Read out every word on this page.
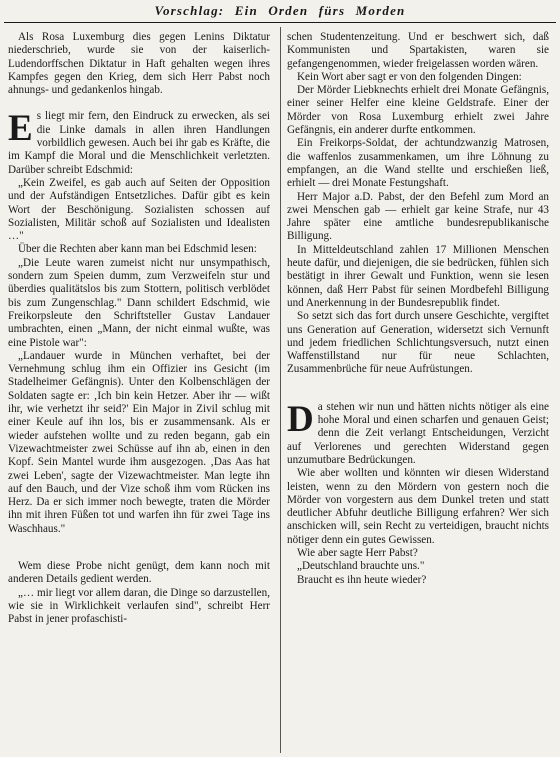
Vorschlag: Ein Orden fürs Morden

Als Rosa Luxemburg dies gegen Lenins Diktatur niederschrieb, wurde sie von der kaiserlich-Ludendorffschen Diktatur in Haft gehalten wegen ihres Kampfes gegen den Krieg, dem sich Herr Pabst noch ahnungs- und gedankenlos hingab.

Es liegt mir fern, den Eindruck zu erwecken, als sei die Linke damals in allen ihren Handlungen vorbildlich gewesen. Auch bei ihr gab es Kräfte, die im Kampf die Moral und die Menschlichkeit verletzten. Darüber schreibt Edschmid:

„Kein Zweifel, es gab auch auf Seiten der Opposition und der Aufständigen Entsetzliches. Dafür gibt es kein Wort der Beschönigung. Sozialisten schossen auf Sozialisten, Militär schoß auf Sozialisten und Idealisten …"

Über die Rechten aber kann man bei Edschmid lesen:

„Die Leute waren zumeist nicht nur unsympathisch, sondern zum Speien dumm, zum Verzweifeln stur und überdies qualitätslos bis zum Stottern, politisch verblödet bis zum Zungenschlag." Dann schildert Edschmid, wie Freikorpsleute den Schriftsteller Gustav Landauer umbrachten, einen „Mann, der nicht einmal wußte, was eine Pistole war":

„Landauer wurde in München verhaftet, bei der Vernehmung schlug ihm ein Offizier ins Gesicht (im Stadelheimer Gefängnis). Unter den Kolbenschlägen der Soldaten sagte er: ‚Ich bin kein Hetzer. Aber ihr — wißt ihr, wie verhetzt ihr seid?' Ein Major in Zivil schlug mit einer Keule auf ihn los, bis er zusammensank. Als er wieder aufstehen wollte und zu reden begann, gab ein Vizewachtmeister zwei Schüsse auf ihn ab, einen in den Kopf. Sein Mantel wurde ihm ausgezogen. ‚Das Aas hat zwei Leben', sagte der Vizewachtmeister. Man legte ihn auf den Bauch, und der Vize schoß ihm vom Rücken ins Herz. Da er sich immer noch bewegte, traten die Mörder ihn mit ihren Füßen tot und warfen ihn für zwei Tage ins Waschhaus."

Wem diese Probe nicht genügt, dem kann noch mit anderen Details gedient werden.

„… mir liegt vor allem daran, die Dinge so darzustellen, wie sie in Wirklichkeit verlaufen sind", schreibt Herr Pabst in jener profaschisti-

schen Studentenzeitung. Und er beschwert sich, daß Kommunisten und Spartakisten, waren sie gefangengenommen, wieder freigelassen worden wären.

Kein Wort aber sagt er von den folgenden Dingen:

Der Mörder Liebknechts erhielt drei Monate Gefängnis, einer seiner Helfer eine kleine Geldstrafe. Einer der Mörder von Rosa Luxemburg erhielt zwei Jahre Gefängnis, ein anderer durfte entkommen.

Ein Freikorps-Soldat, der achtundzwanzig Matrosen, die waffenlos zusammenkamen, um ihre Löhnung zu empfangen, an die Wand stellte und erschießen ließ, erhielt — drei Monate Festungshaft.

Herr Major a.D. Pabst, der den Befehl zum Mord an zwei Menschen gab — erhielt gar keine Strafe, nur 43 Jahre später eine amtliche bundesrepublikanische Billigung.

In Mitteldeutschland zahlen 17 Millionen Menschen heute dafür, und diejenigen, die sie bedrücken, fühlen sich bestätigt in ihrer Gewalt und Funktion, wenn sie lesen können, daß Herr Pabst für seinen Mordbefehl Billigung und Anerkennung in der Bundesrepublik findet.

So setzt sich das fort durch unsere Geschichte, vergiftet uns Generation auf Generation, widersetzt sich Vernunft und jedem friedlichen Schlichtungsversuch, nutzt einen Waffenstillstand nur für neue Schlachten, Zusammenbrüche für neue Aufrüstungen.

Da stehen wir nun und hätten nichts nötiger als eine hohe Moral und einen scharfen und genauen Geist; denn die Zeit verlangt Entscheidungen, Verzicht auf Verlorenes und gerechten Widerstand gegen unzumutbare Bedrückungen.

Wie aber wollten und könnten wir diesen Widerstand leisten, wenn zu den Mördern von gestern noch die Mörder von vorgestern aus dem Dunkel treten und statt deutlicher Abfuhr deutliche Billigung erfahren? Wer sich anschicken will, sein Recht zu verteidigen, braucht nichts nötiger denn ein gutes Gewissen.

Wie aber sagte Herr Pabst?

„Deutschland brauchte uns."

Braucht es ihn heute wieder?
